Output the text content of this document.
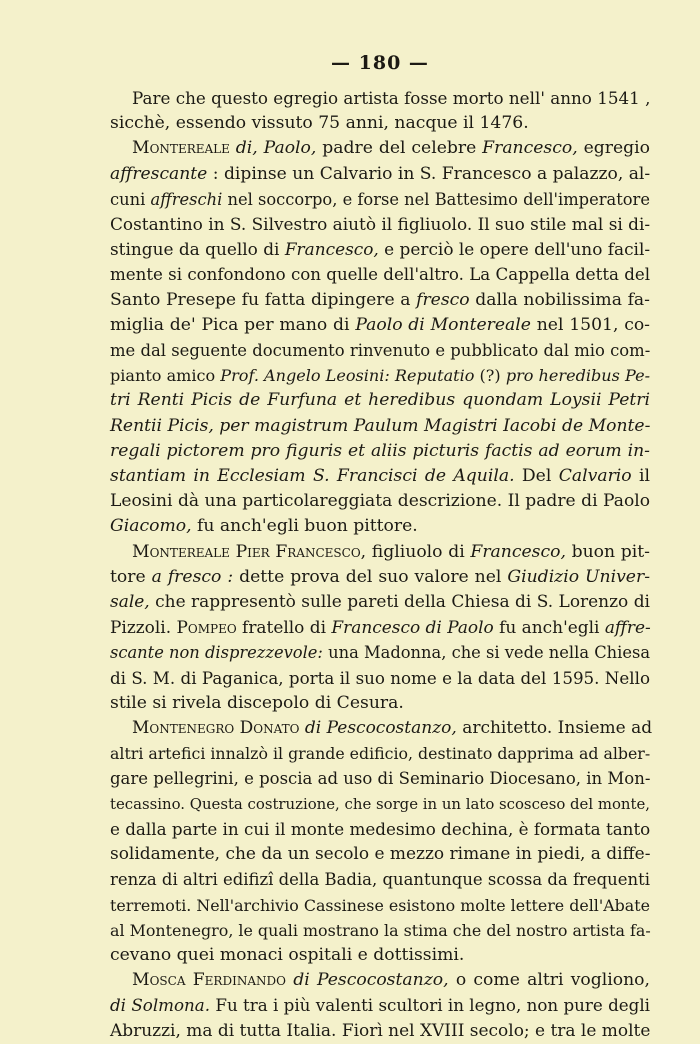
— 180 —
Pare che questo egregio artista fosse morto nell' anno 1541 ,
sicchè, essendo vissuto 75 anni, nacque il 1476.
Montereale di, Paolo, padre del celebre Francesco, egregio
affrescante : dipinse un Calvario in S. Francesco a palazzo, al-
cuni affreschi nel soccorpo, e forse nel Battesimo dell'imperatore
Costantino in S. Silvestro aiutò il figliuolo. Il suo stile mal si di-
stingue da quello di Francesco, e perciò le opere dell'uno facil-
mente si confondono con quelle dell'altro. La Cappella detta del
Santo Presepe fu fatta dipingere a fresco dalla nobilissima fa-
miglia de' Pica per mano di Paolo di Montereale nel 1501, co-
me dal seguente documento rinvenuto e pubblicato dal mio com-
pianto amico Prof. Angelo Leosini: Reputatio (?) pro heredibus Pe-
tri Renti Picis de Furfuna et heredibus quondam Loysii Petri
Rentii Picis, per magistrum Paulum Magistri Iacobi de Monte-
regali pictorem pro figuris et aliis picturis factis ad eorum in-
stantiam in Ecclesiam S. Francisci de Aquila. Del Calvario il
Leosini dà una particolareggiata descrizione. Il padre di Paolo
Giacomo, fu anch'egli buon pittore.
Montereale Pier Francesco, figliuolo di Francesco, buon pit-
tore a fresco : dette prova del suo valore nel Giudizio Univer-
sale, che rappresentò sulle pareti della Chiesa di S. Lorenzo di
Pizzoli. Pompeo fratello di Francesco di Paolo fu anch'egli affre-
scante non disprezzevole: una Madonna, che si vede nella Chiesa
di S. M. di Paganica, porta il suo nome e la data del 1595. Nello
stile si rivela discepolo di Cesura.
Montenegro Donato di Pescocostanzo, architetto. Insieme ad
altri artefici innalzò il grande edificio, destinato dapprima ad alber-
gare pellegrini, e poscia ad uso di Seminario Diocesano, in Mon-
tecassino. Questa costruzione, che sorge in un lato scosceso del monte,
e dalla parte in cui il monte medesimo dechina, è formata tanto
solidamente, che da un secolo e mezzo rimane in piedi, a diffe-
renza di altri edifizî della Badia, quantunque scossa da frequenti
terremoti. Nell'archivio Cassinese esistono molte lettere dell'Abate
al Montenegro, le quali mostrano la stima che del nostro artista fa-
cevano quei monaci ospitali e dottissimi.
Mosca Ferdinando di Pescocostanzo, o come altri vogliono,
di Solmona. Fu tra i più valenti scultori in legno, non pure degli
Abruzzi, ma di tutta Italia. Fiorì nel XVIII secolo; e tra le molte
